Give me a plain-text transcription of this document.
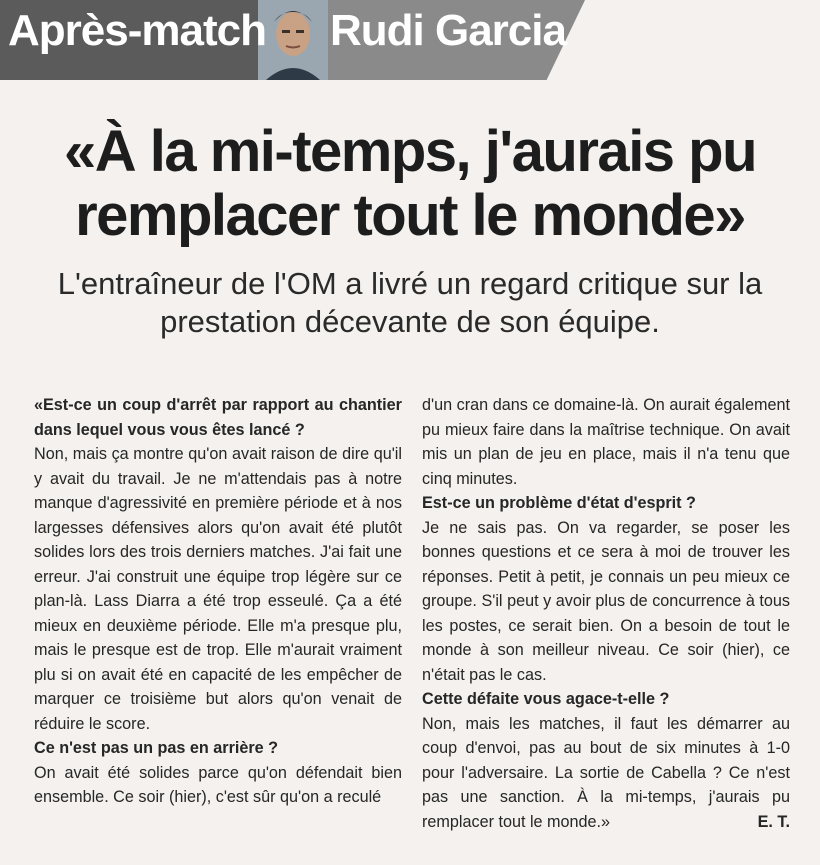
Après-match Rudi Garcia
«À la mi-temps, j'aurais pu remplacer tout le monde»
L'entraîneur de l'OM a livré un regard critique sur la prestation décevante de son équipe.
«Est-ce un coup d'arrêt par rapport au chantier dans lequel vous vous êtes lancé ?
Non, mais ça montre qu'on avait raison de dire qu'il y avait du travail. Je ne m'attendais pas à notre manque d'agressivité en première période et à nos largesses défensives alors qu'on avait été plutôt solides lors des trois derniers matches. J'ai fait une erreur. J'ai construit une équipe trop légère sur ce plan-là. Lass Diarra a été trop esseulé. Ça a été mieux en deuxième période. Elle m'a presque plu, mais le presque est de trop. Elle m'aurait vraiment plu si on avait été en capacité de les empêcher de marquer ce troisième but alors qu'on venait de réduire le score.
Ce n'est pas un pas en arrière ?
On avait été solides parce qu'on défendait bien ensemble. Ce soir (hier), c'est sûr qu'on a reculé
d'un cran dans ce domaine-là. On aurait également pu mieux faire dans la maîtrise technique. On avait mis un plan de jeu en place, mais il n'a tenu que cinq minutes.
Est-ce un problème d'état d'esprit ?
Je ne sais pas. On va regarder, se poser les bonnes questions et ce sera à moi de trouver les réponses. Petit à petit, je connais un peu mieux ce groupe. S'il peut y avoir plus de concurrence à tous les postes, ce serait bien. On a besoin de tout le monde à son meilleur niveau. Ce soir (hier), ce n'était pas le cas.
Cette défaite vous agace-t-elle ?
Non, mais les matches, il faut les démarrer au coup d'envoi, pas au bout de six minutes à 1-0 pour l'adversaire. La sortie de Cabella ? Ce n'est pas une sanction. À la mi-temps, j'aurais pu remplacer tout le monde.»	E. T.
